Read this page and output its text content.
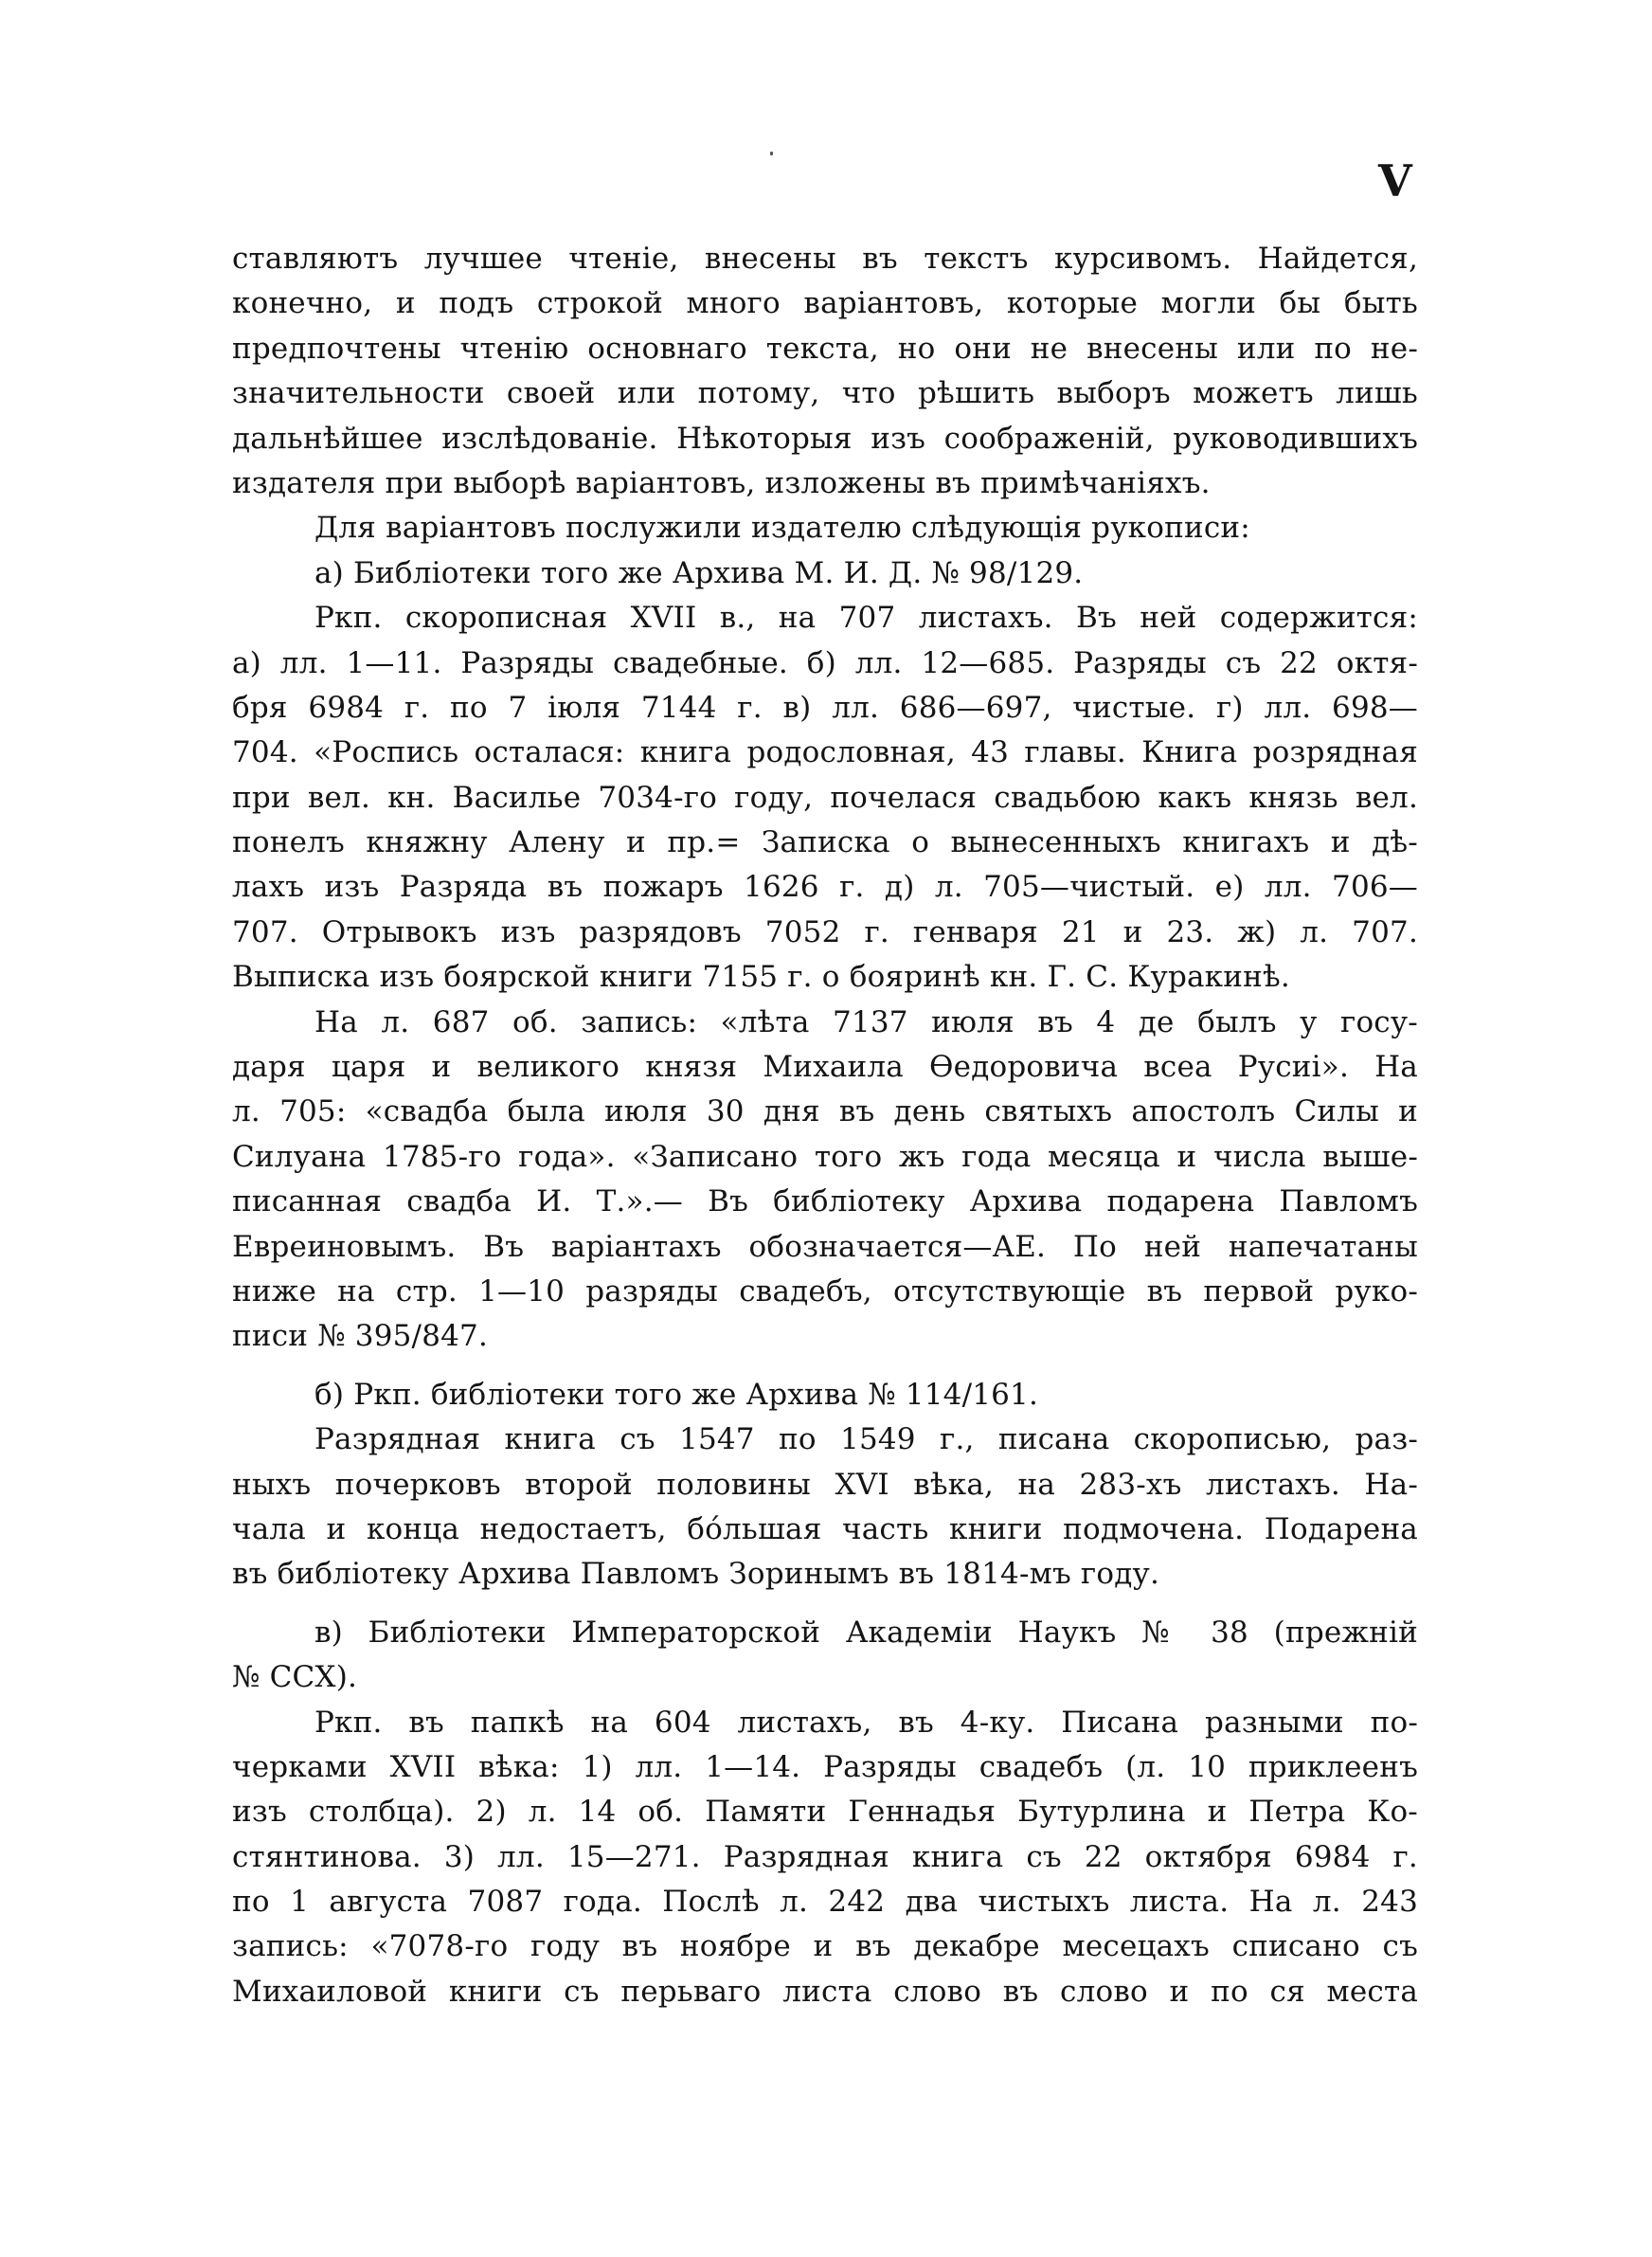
V
ставляютъ лучшее чтеніе, внесены въ текстъ курсивомъ. Найдется,
конечно, и подъ строкой много варіантовъ, которые могли бы быть
предпочтены чтенію основнаго текста, но они не внесены или по не-
значительности своей или потому, что рѣшить выборъ можетъ лишь
дальнѣйшее изслѣдованіе. Нѣкоторыя изъ соображеній, руководившихъ
издателя при выборѣ варіантовъ, изложены въ примѣчаніяхъ.
Для варіантовъ послужили издателю слѣдующія рукописи:
а) Библіотеки того же Архива М. И. Д. № 98/129.
Ркп. скорописная XVII в., на 707 листахъ. Въ ней содержится:
а) лл. 1—11. Разряды свадебные. б) лл. 12—685. Разряды съ 22 октя-
бря 6984 г. по 7 іюля 7144 г. в) лл. 686—697, чистые. г) лл. 698—
704. «Роспись осталася: книга родословная, 43 главы. Книга розрядная
при вел. кн. Василье 7034-го году, почелася свадьбою какъ князь вел.
понелъ княжну Алену и пр.= Записка о вынесенныхъ книгахъ и дѣ-
лахъ изъ Разряда въ пожаръ 1626 г. д) л. 705—чистый. е) лл. 706—
707. Отрывокъ изъ разрядовъ 7052 г. генваря 21 и 23. ж) л. 707.
Выписка изъ боярской книги 7155 г. о бояринѣ кн. Г. С. Куракинѣ.
На л. 687 об. запись: «лѣта 7137 июля въ 4 де былъ у госу-
даря царя и великого князя Михаила Ѳедоровича всеа Русиі». На
л. 705: «свадба была июля 30 дня въ день святыхъ апостолъ Силы и
Силуана 1785-го года». «Записано того жъ года месяца и числа выше-
писанная свадба И. Т.».— Въ библіотеку Архива подарена Павломъ
Евреиновымъ. Въ варіантахъ обозначается—АЕ. По ней напечатаны
ниже на стр. 1—10 разряды свадебъ, отсутствующіе въ первой руко-
писи № 395/847.
б) Ркп. библіотеки того же Архива № 114/161.
Разрядная книга съ 1547 по 1549 г., писана скорописью, раз-
ныхъ почерковъ второй половины XVI вѣка, на 283-хъ листахъ. На-
чала и конца недостаетъ, бо́льшая часть книги подмочена. Подарена
въ библіотеку Архива Павломъ Зоринымъ въ 1814-мъ году.
в) Библіотеки Императорской Академіи Наукъ № 38 (прежній
№ CCX).
Ркп. въ папкѣ на 604 листахъ, въ 4-ку. Писана разными по-
черками XVII вѣка: 1) лл. 1—14. Разряды свадебъ (л. 10 приклеенъ
изъ столбца). 2) л. 14 об. Памяти Геннадья Бутурлина и Петра Ко-
стянтинова. 3) лл. 15—271. Разрядная книга съ 22 октября 6984 г.
по 1 августа 7087 года. Послѣ л. 242 два чистыхъ листа. На л. 243
запись: «7078-го году въ ноябре и въ декабре месецахъ списано съ
Михаиловой книги съ перьваго листа слово въ слово и по ся места
